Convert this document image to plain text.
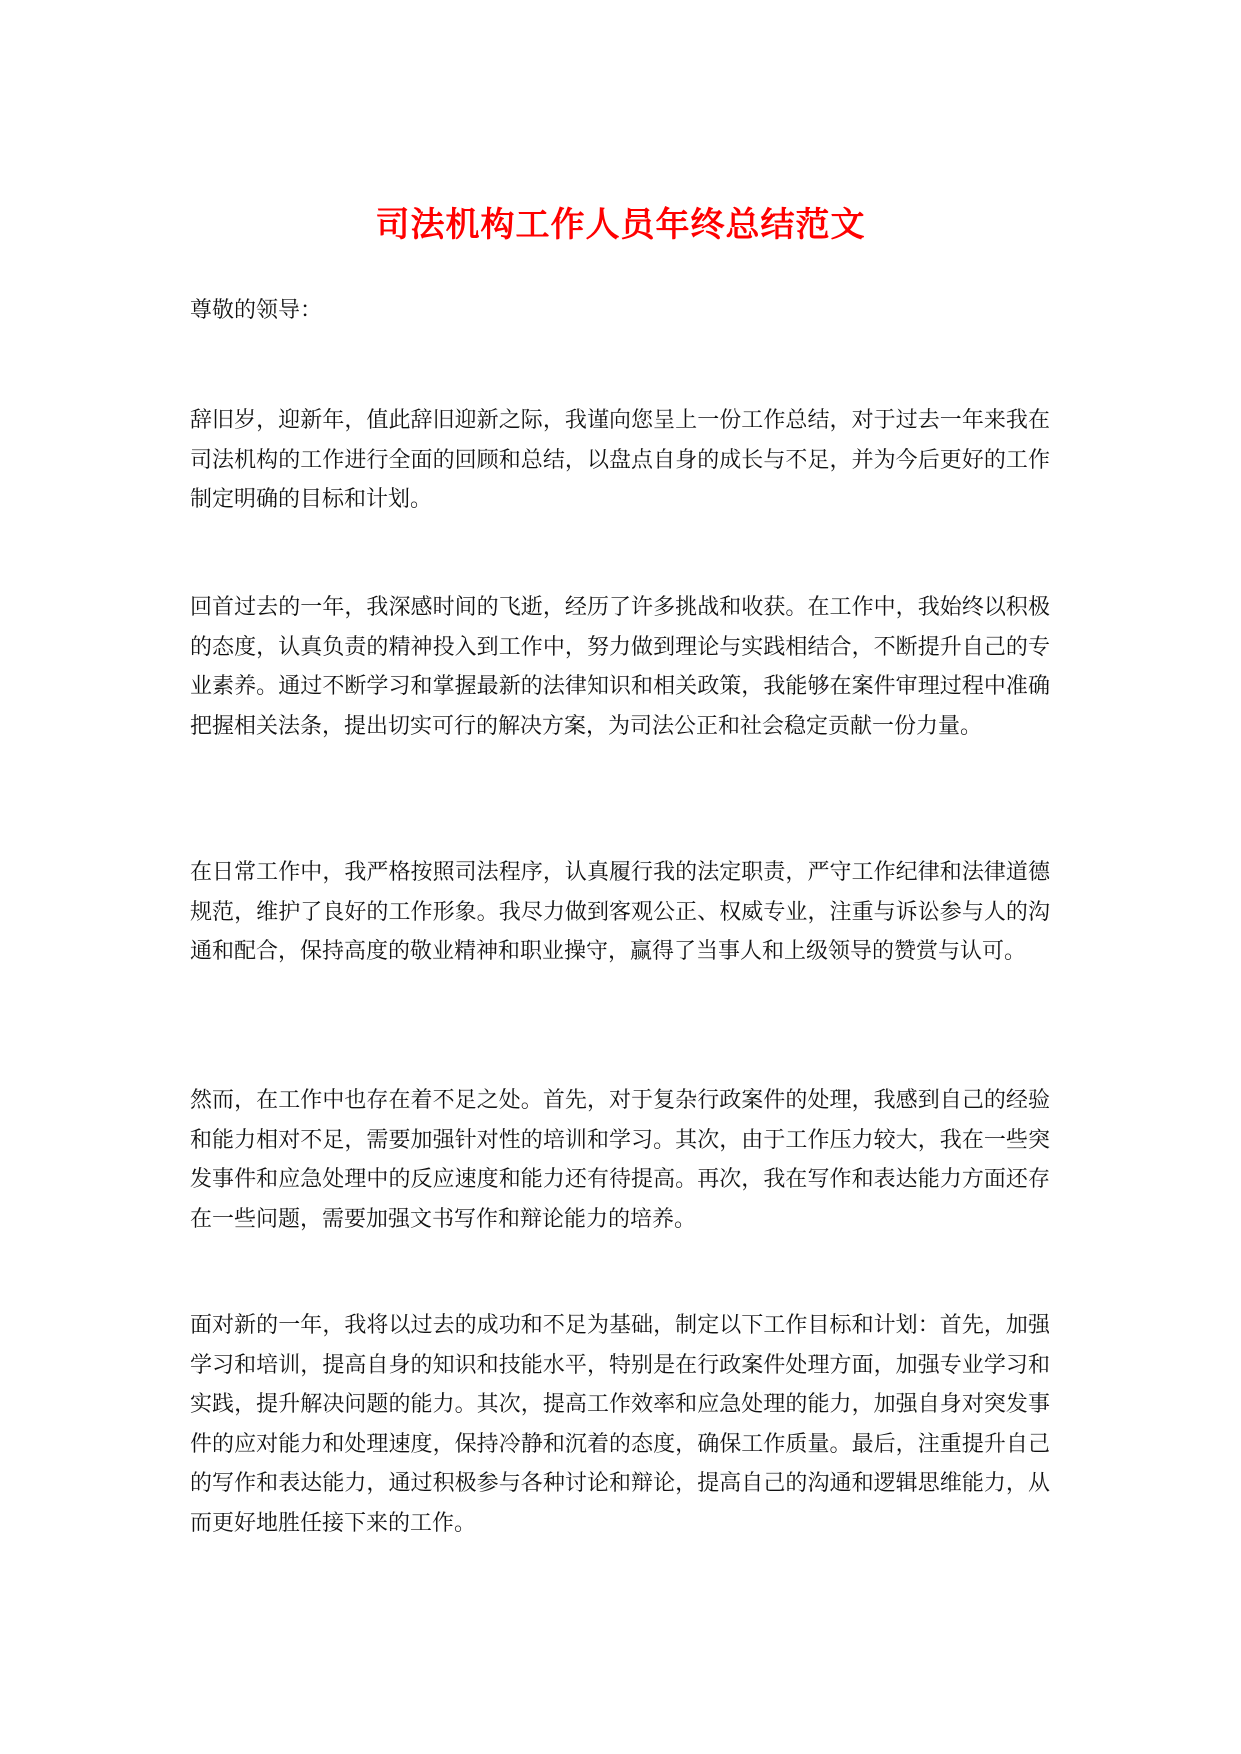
司法机构工作人员年终总结范文
尊敬的领导：

辞旧岁，迎新年，值此辞旧迎新之际，我谨向您呈上一份工作总结，对于过去一年来我在司法机构的工作进行全面的回顾和总结，以盘点自身的成长与不足，并为今后更好的工作制定明确的目标和计划。

回首过去的一年，我深感时间的飞逝，经历了许多挑战和收获。在工作中，我始终以积极的态度，认真负责的精神投入到工作中，努力做到理论与实践相结合，不断提升自己的专业素养。通过不断学习和掌握最新的法律知识和相关政策，我能够在案件审理过程中准确把握相关法条，提出切实可行的解决方案，为司法公正和社会稳定贡献一份力量。

在日常工作中，我严格按照司法程序，认真履行我的法定职责，严守工作纪律和法律道德规范，维护了良好的工作形象。我尽力做到客观公正、权威专业，注重与诉讼参与人的沟通和配合，保持高度的敬业精神和职业操守，赢得了当事人和上级领导的赞赏与认可。

然而，在工作中也存在着不足之处。首先，对于复杂行政案件的处理，我感到自己的经验和能力相对不足，需要加强针对性的培训和学习。其次，由于工作压力较大，我在一些突发事件和应急处理中的反应速度和能力还有待提高。再次，我在写作和表达能力方面还存在一些问题，需要加强文书写作和辩论能力的培养。

面对新的一年，我将以过去的成功和不足为基础，制定以下工作目标和计划：首先，加强学习和培训，提高自身的知识和技能水平，特别是在行政案件处理方面，加强专业学习和实践，提升解决问题的能力。其次，提高工作效率和应急处理的能力，加强自身对突发事件的应对能力和处理速度，保持冷静和沉着的态度，确保工作质量。最后，注重提升自己的写作和表达能力，通过积极参与各种讨论和辩论，提高自己的沟通和逻辑思维能力，从而更好地胜任接下来的工作。
